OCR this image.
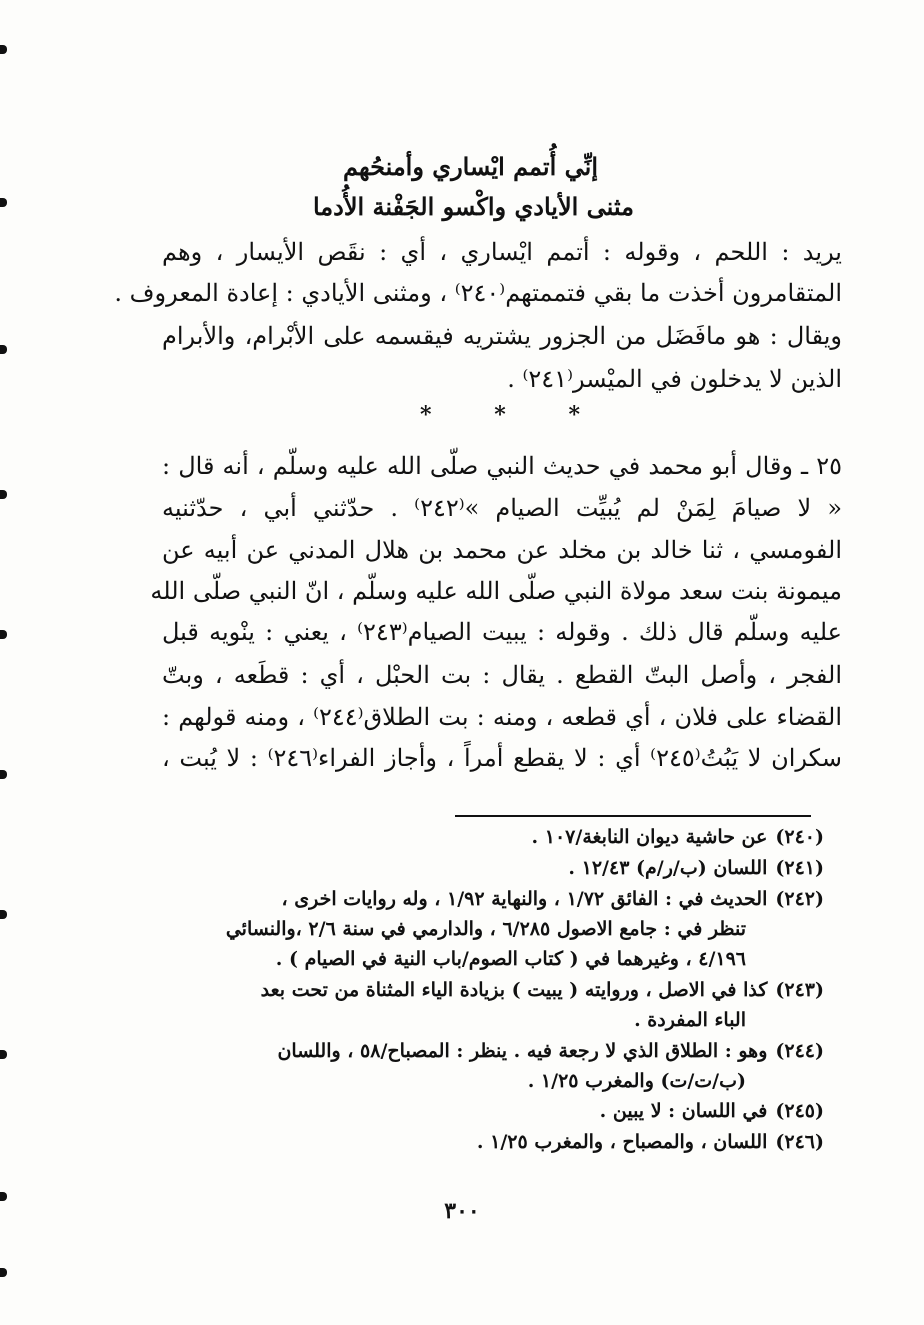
إنِّي أُتمم ايْساري وأمنحُهم
مثنى الأيادي واكْسو الجَفْنة الأُدما
يريد : اللحم ، وقوله : أتمم ايْساري ، أي : نقَص الأيسار ، وهم
المتقامرون أخذت ما بقي فتممتهم⁽٢٤٠⁾ ، ومثنى الأيادي : إعادة المعروف .
ويقال : هو مافَضَل من الجزور يشتريه فيقسمه على الأبْرام، والأبرام
الذين لا يدخلون في الميْسر⁽٢٤١⁾ .
*	*	*
٢٥ ـ وقال أبو محمد في حديث النبي صلّى الله عليه وسلّم ، أنه قال :
« لا صيامَ لِمَنْ لم يُبيِّت الصيام »⁽٢٤٢⁾ . حدّثني أبي ، حدّثنيه
الفومسي ، ثنا خالد بن مخلد عن محمد بن هلال المدني عن أبيه عن
ميمونة بنت سعد مولاة النبي صلّى الله عليه وسلّم ، انّ النبي صلّى الله
عليه وسلّم قال ذلك . وقوله : يبيت الصيام⁽٢٤٣⁾ ، يعني : ينْويه قبل
الفجر ، وأصل البتّ القطع . يقال : بت الحبْل ، أي : قطَعه ، وبتّ
القضاء على فلان ، أي قطعه ، ومنه : بت الطلاق⁽٢٤٤⁾ ، ومنه قولهم :
سكران لا يَبُتُ⁽٢٤٥⁾ أي : لا يقطع أمراً ، وأجاز الفراء⁽٢٤٦⁾ : لا يُبت ،
(٢٤٠)عن حاشية ديوان النابغة/١٠٧ .
(٢٤١)اللسان (ب/ر/م) ١٢/٤٣ .
(٢٤٢)الحديث في : الفائق ١/٧٢ ، والنهاية ١/٩٢ ، وله روايات اخرى ،
تنظر في : جامع الاصول ٦/٢٨٥ ، والدارمي في سنة ٢/٦ ،والنسائي
٤/١٩٦ ، وغيرهما في ( كتاب الصوم/باب النية في الصيام ) .
(٢٤٣)كذا في الاصل ، وروايته ( يبيت ) بزيادة الياء المثناة من تحت بعد
الباء المفردة .
(٢٤٤)وهو : الطلاق الذي لا رجعة فيه . ينظر : المصباح/٥٨ ، واللسان
(ب/ت/ت) والمغرب ١/٢٥ .
(٢٤٥)في اللسان : لا يبين .
(٢٤٦)اللسان ، والمصباح ، والمغرب ١/٢٥ .
٣٠٠
